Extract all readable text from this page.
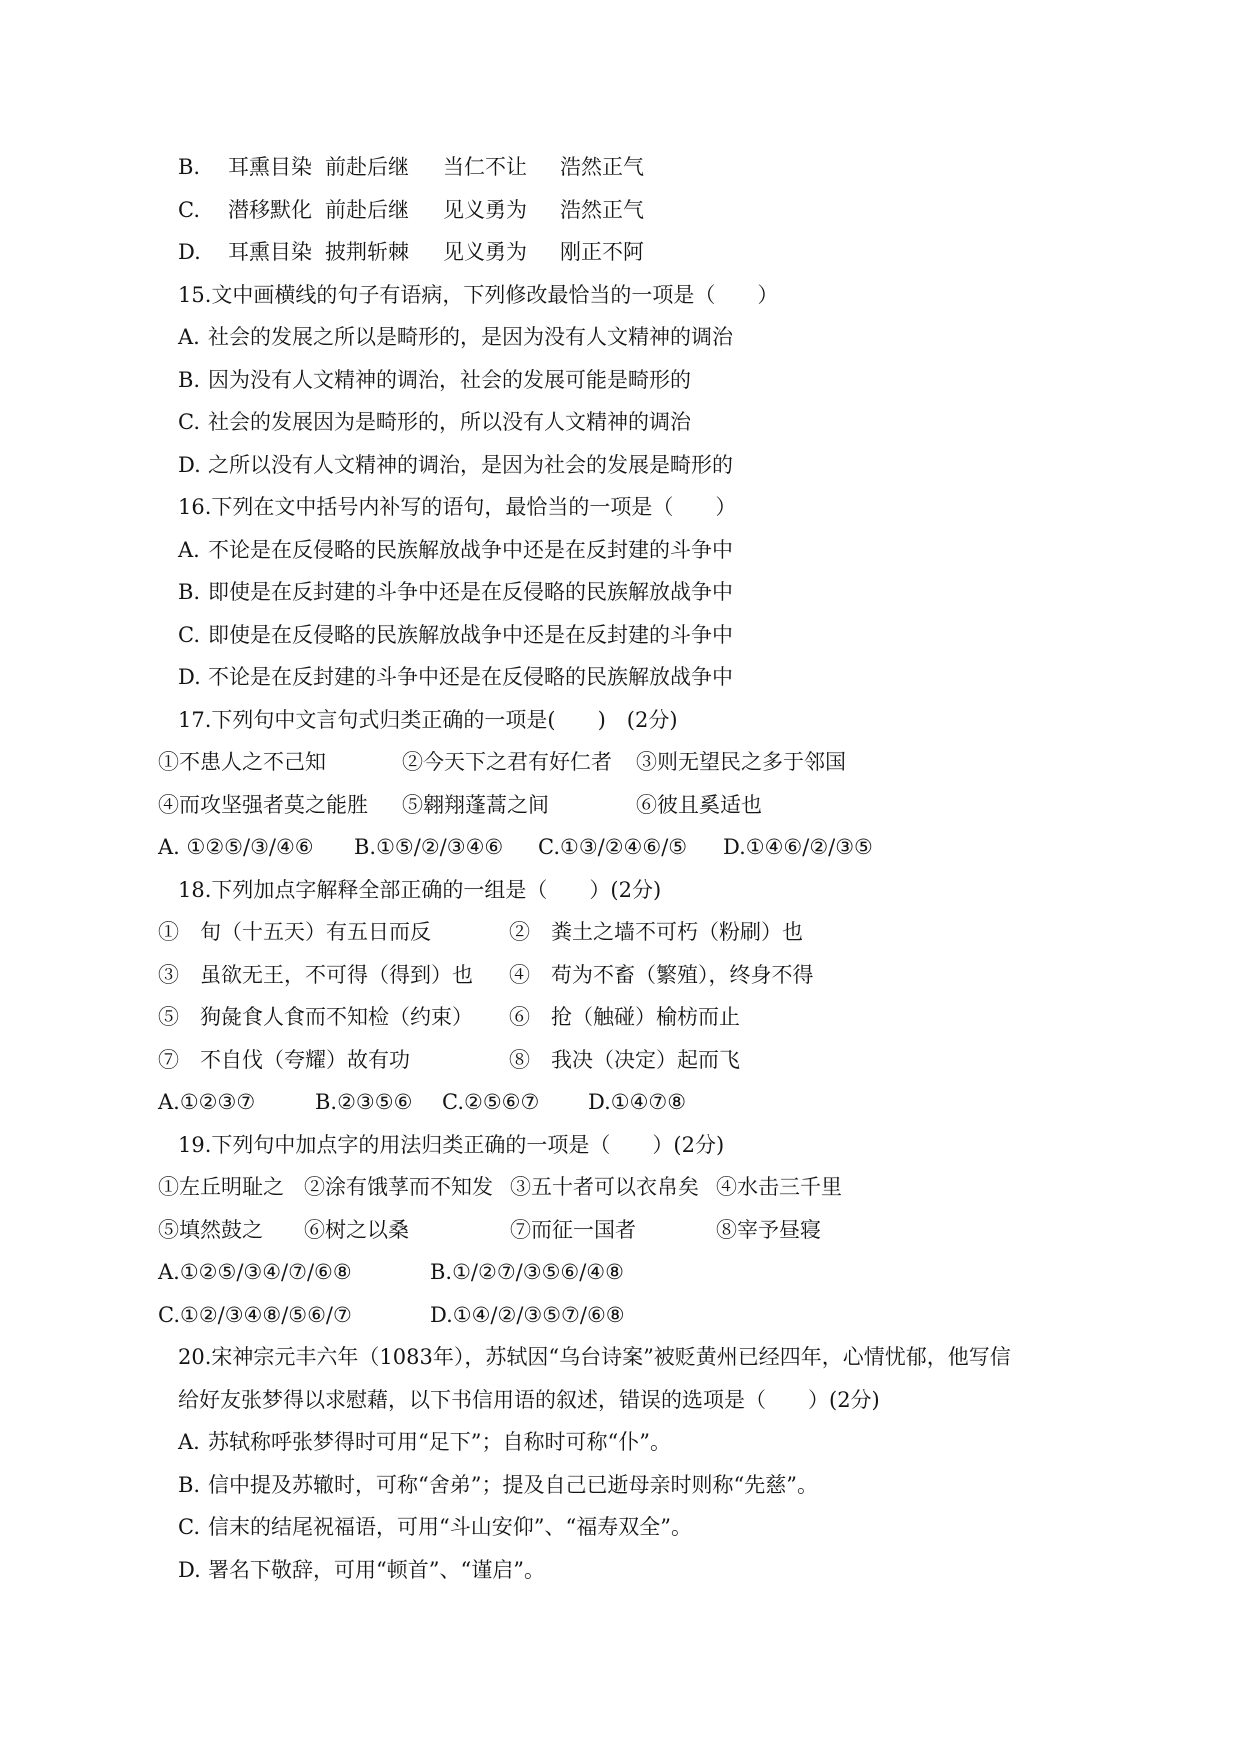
B. 耳熏目染 前赴后继 当仁不让 浩然正气
C. 潜移默化 前赴后继 见义勇为 浩然正气
D. 耳熏目染 披荆斩棘 见义勇为 刚正不阿
15.文中画横线的句子有语病，下列修改最恰当的一项是（　　）
A. 社会的发展之所以是畸形的，是因为没有人文精神的调治
B. 因为没有人文精神的调治，社会的发展可能是畸形的
C. 社会的发展因为是畸形的，所以没有人文精神的调治
D. 之所以没有人文精神的调治，是因为社会的发展是畸形的
16.下列在文中括号内补写的语句，最恰当的一项是（　　）
A. 不论是在反侵略的民族解放战争中还是在反封建的斗争中
B. 即使是在反封建的斗争中还是在反侵略的民族解放战争中
C. 即使是在反侵略的民族解放战争中还是在反封建的斗争中
D. 不论是在反封建的斗争中还是在反侵略的民族解放战争中
17.下列句中文言句式归类正确的一项是(　　)　(2分)
①不患人之不己知	②今天下之君有好仁者 ③则无望民之多于邻国
④而攻坚强者莫之能胜 ⑤翱翔蓬蒿之间	⑥彼且奚适也
A. ①②⑤/③/④⑥ B.①⑤/②/③④⑥ C.①③/②④⑥/⑤ D.①④⑥/②/③⑤
18.下列加点字解释全部正确的一组是（　　）(2分)
①　旬（十五天）有五日而反	②　粪土之墙不可朽（粉刷）也
③　虽欲无王，不可得（得到）也 ④　苟为不畜（繁殖），终身不得
⑤　狗彘食人食而不知检（约束） ⑥　抢（触碰）榆枋而止
⑦　不自伐（夸耀）故有功	⑧　我决（决定）起而飞
A.①②③⑦	B.②③⑤⑥ C.②⑤⑥⑦ D.①④⑦⑧
19.下列句中加点字的用法归类正确的一项是（　　）(2分)
①左丘明耻之 ②涂有饿莩而不知发 ③五十者可以衣帛矣 ④水击三千里
⑤填然鼓之 ⑥树之以桑	⑦而征一国者	⑧宰予昼寝
A.①②⑤/③④/⑦/⑥⑧	B.①/②⑦/③⑤⑥/④⑧
C.①②/③④⑧/⑤⑥/⑦	D.①④/②/③⑤⑦/⑥⑧
20.宋神宗元丰六年（1083年），苏轼因“乌台诗案”被贬黄州已经四年，心情忧郁，他写信
给好友张梦得以求慰藉，以下书信用语的叙述，错误的选项是（　　）(2分)
A. 苏轼称呼张梦得时可用“足下”；自称时可称“仆”。
B. 信中提及苏辙时，可称“舍弟”；提及自己已逝母亲时则称“先慈”。
C. 信末的结尾祝福语，可用“斗山安仰”、“福寿双全”。
D. 署名下敬辞，可用“顿首”、“谨启”。
